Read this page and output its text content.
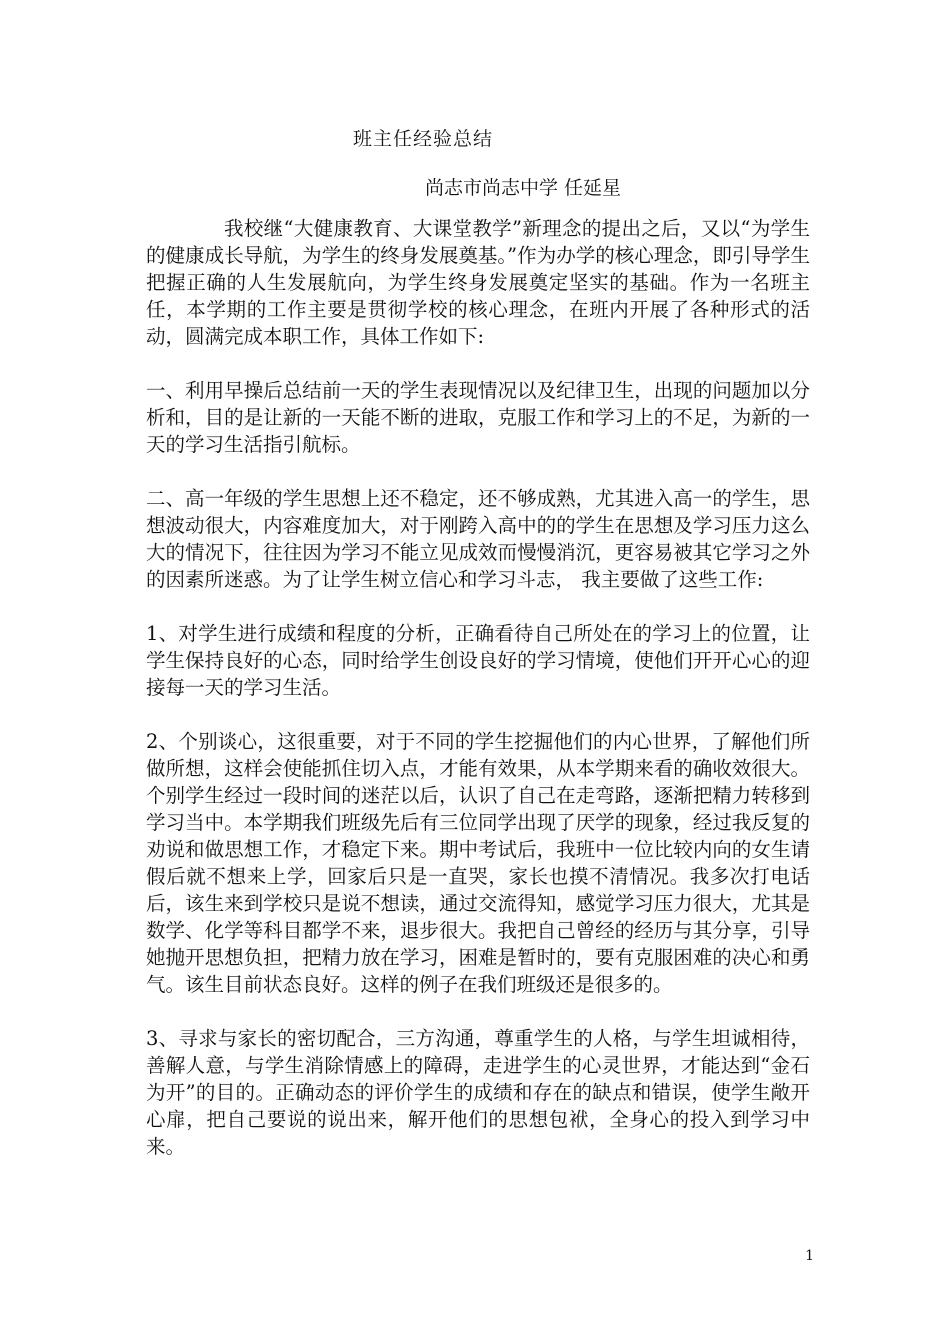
班主任经验总结
尚志市尚志中学 任延星

我校继“大健康教育、大课堂教学”新理念的提出之后，又以“为学生的健康成长导航，为学生的终身发展奠基。”作为办学的核心理念，即引导学生把握正确的人生发展航向，为学生终身发展奠定坚实的基础。作为一名班主任，本学期的工作主要是贯彻学校的核心理念，在班内开展了各种形式的活动，圆满完成本职工作，具体工作如下:

一、利用早操后总结前一天的学生表现情况以及纪律卫生，出现的问题加以分析和，目的是让新的一天能不断的进取，克服工作和学习上的不足，为新的一天的学习生活指引航标。

二、高一年级的学生思想上还不稳定，还不够成熟，尤其进入高一的学生，思想波动很大，内容难度加大，对于刚跨入高中的的学生在思想及学习压力这么大的情况下，往往因为学习不能立见成效而慢慢消沉，更容易被其它学习之外的因素所迷惑。为了让学生树立信心和学习斗志， 我主要做了这些工作:

1、对学生进行成绩和程度的分析，正确看待自己所处在的学习上的位置，让学生保持良好的心态，同时给学生创设良好的学习情境，使他们开开心心的迎接每一天的学习生活。

2、个别谈心，这很重要，对于不同的学生挖掘他们的内心世界，了解他们所做所想，这样会使能抓住切入点，才能有效果，从本学期来看的确收效很大。个别学生经过一段时间的迷茫以后，认识了自己在走弯路，逐渐把精力转移到学习当中。本学期我们班级先后有三位同学出现了厌学的现象，经过我反复的劝说和做思想工作，才稳定下来。期中考试后，我班中一位比较内向的女生请假后就不想来上学，回家后只是一直哭，家长也摸不清情况。我多次打电话后，该生来到学校只是说不想读，通过交流得知，感觉学习压力很大，尤其是数学、化学等科目都学不来，退步很大。我把自己曾经的经历与其分享，引导她抛开思想负担，把精力放在学习，困难是暂时的，要有克服困难的决心和勇气。该生目前状态良好。这样的例子在我们班级还是很多的。

3、寻求与家长的密切配合，三方沟通，尊重学生的人格，与学生坦诚相待，善解人意，与学生消除情感上的障碍，走进学生的心灵世界，才能达到“金石为开”的目的。正确动态的评价学生的成绩和存在的缺点和错误，使学生敞开心扉，把自己要说的说出来，解开他们的思想包袱，全身心的投入到学习中来。

1
